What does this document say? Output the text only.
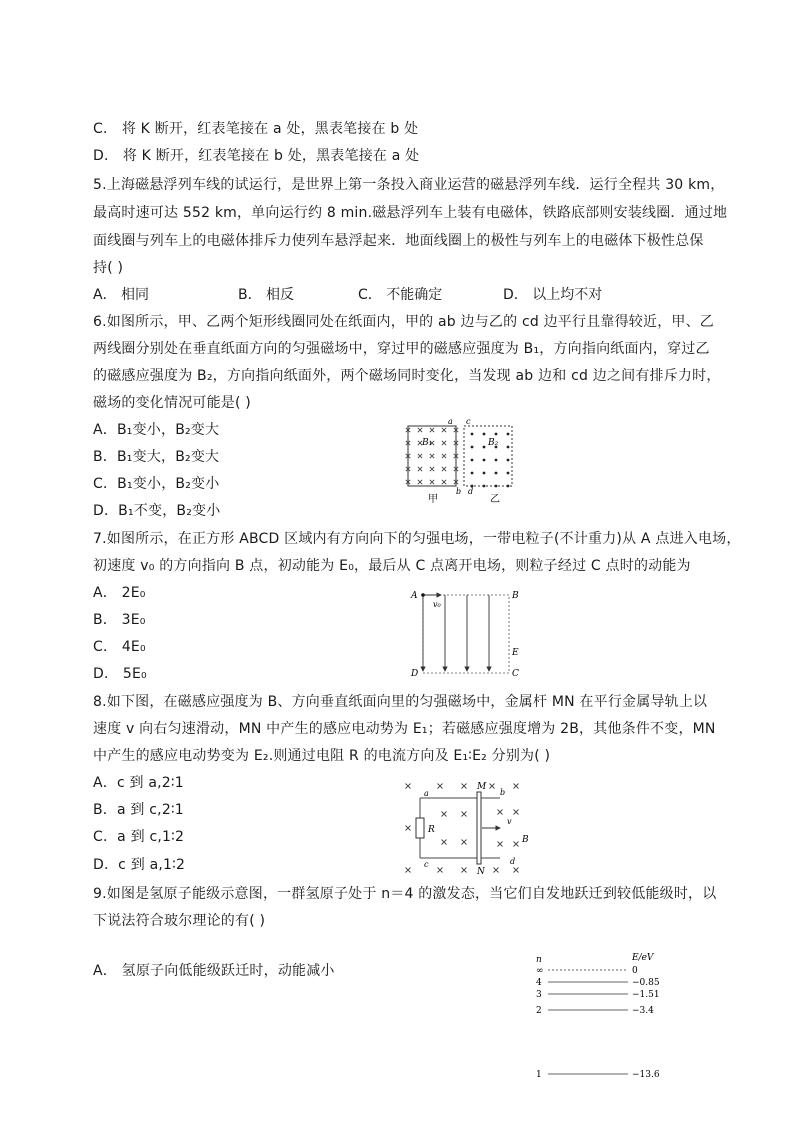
C． 将 K 断开，红表笔接在 a 处，黑表笔接在 b 处
D． 将 K 断开，红表笔接在 b 处，黑表笔接在 a 处
5.上海磁悬浮列车线的试运行，是世界上第一条投入商业运营的磁悬浮列车线．运行全程共 30 km，
最高时速可达 552 km，单向运行约 8 min.磁悬浮列车上装有电磁体，铁路底部则安装线圈．通过地
面线圈与列车上的电磁体排斥力使列车悬浮起来．地面线圈上的极性与列车上的电磁体下极性总保
持( )
A． 相同	B． 相反	C． 不能确定	D． 以上均不对
6.如图所示，甲、乙两个矩形线圈同处在纸面内，甲的 ab 边与乙的 cd 边平行且靠得较近，甲、乙
两线圈分别处在垂直纸面方向的匀强磁场中，穿过甲的磁感应强度为 B₁，方向指向纸面内，穿过乙
的磁感应强度为 B₂，方向指向纸面外，两个磁场同时变化，当发现 ab 边和 cd 边之间有排斥力时，
磁场的变化情况可能是( )
A．B₁变小，B₂变大
B．B₁变大，B₂变大
C．B₁变小，B₂变小
D．B₁不变，B₂变小
a
b
c
d
B₁	B₂
甲	乙
7.如图所示，在正方形 ABCD 区域内有方向向下的匀强电场，一带电粒子(不计重力)从 A 点进入电场，
初速度 v₀ 的方向指向 B 点，初动能为 E₀，最后从 C 点离开电场，则粒子经过 C 点时的动能为
A． 2E₀
B． 3E₀
C． 4E₀
D． 5E₀
A	B
C
D
v₀
E
8.如下图，在磁感应强度为 B、方向垂直纸面向里的匀强磁场中，金属杆 MN 在平行金属导轨上以
速度 v 向右匀速滑动，MN 中产生的感应电动势为 E₁；若磁感应强度增为 2B，其他条件不变，MN
中产生的感应电动势变为 E₂.则通过电阻 R 的电流方向及 E₁∶E₂ 分别为( )
A．c 到 a,2∶1
B．a 到 c,2∶1
C．a 到 c,1∶2
D．c 到 a,1∶2
a	b
c	d
M
N
R
v
B
9.如图是氢原子能级示意图，一群氢原子处于 n＝4 的激发态，当它们自发地跃迁到较低能级时，以
下说法符合玻尔理论的有( )
A． 氢原子向低能级跃迁时，动能减小
n	E/eV
∞	0
4	−0.85
3	−1.51
2	−3.4
1	−13.6
